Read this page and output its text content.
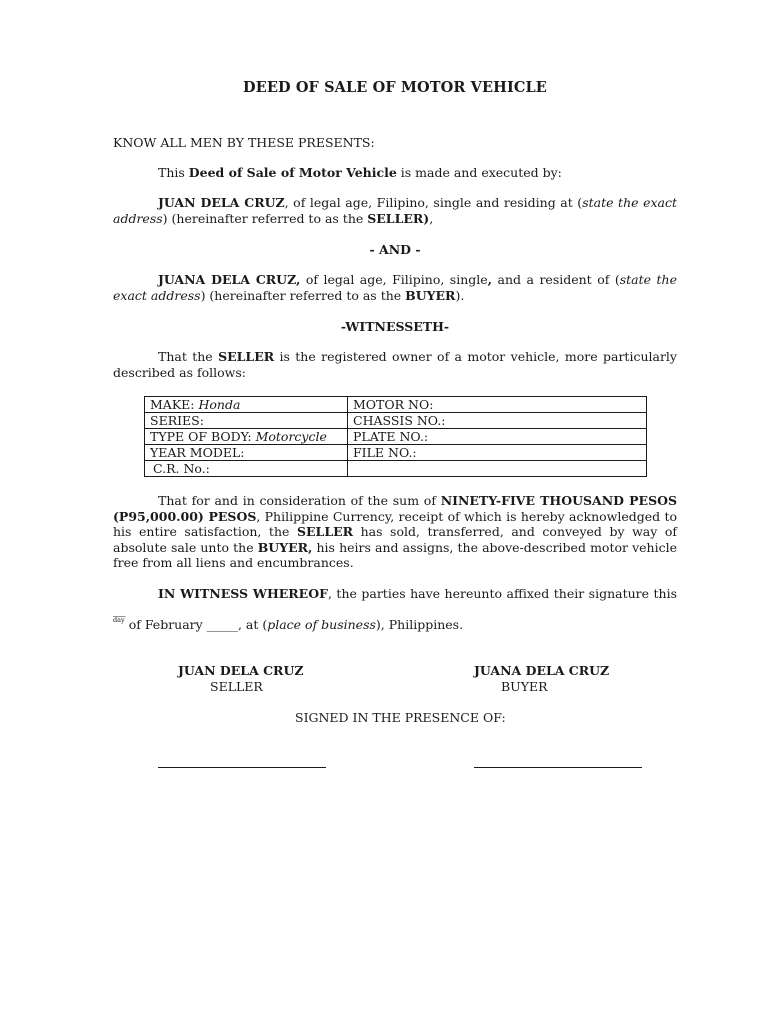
DEED OF SALE OF MOTOR VEHICLE
KNOW ALL MEN BY THESE PRESENTS:
This Deed of Sale of Motor Vehicle is made and executed by:
JUAN DELA CRUZ, of legal age, Filipino, single and residing at (state the exact address) (hereinafter referred to as the SELLER),
- AND -
JUANA DELA CRUZ, of legal age, Filipino, single, and a resident of (state the exact address) (hereinafter referred to as the BUYER).
-WITNESSETH-
That the SELLER is the registered owner of a motor vehicle, more particularly described as follows:
MAKE: Honda	MOTOR NO:
SERIES:	CHASSIS NO.:
TYPE OF BODY: Motorcycle	PLATE NO.:
YEAR MODEL:	FILE NO.:
C.R. No.:	
That for and in consideration of the sum of NINETY-FIVE THOUSAND PESOS (P95,000.00) PESOS, Philippine Currency, receipt of which is hereby acknowledged to his entire satisfaction, the SELLER has sold, transferred, and conveyed by way of absolute sale unto the BUYER, his heirs and assigns, the above-described motor vehicle free from all liens and encumbrances.
IN WITNESS WHEREOF, the parties have hereunto affixed their signature this __
$^{day}$ of February _____, at (place of business), Philippines.
JUAN DELA CRUZ
SELLER
JUANA DELA CRUZ
BUYER
SIGNED IN THE PRESENCE OF:
